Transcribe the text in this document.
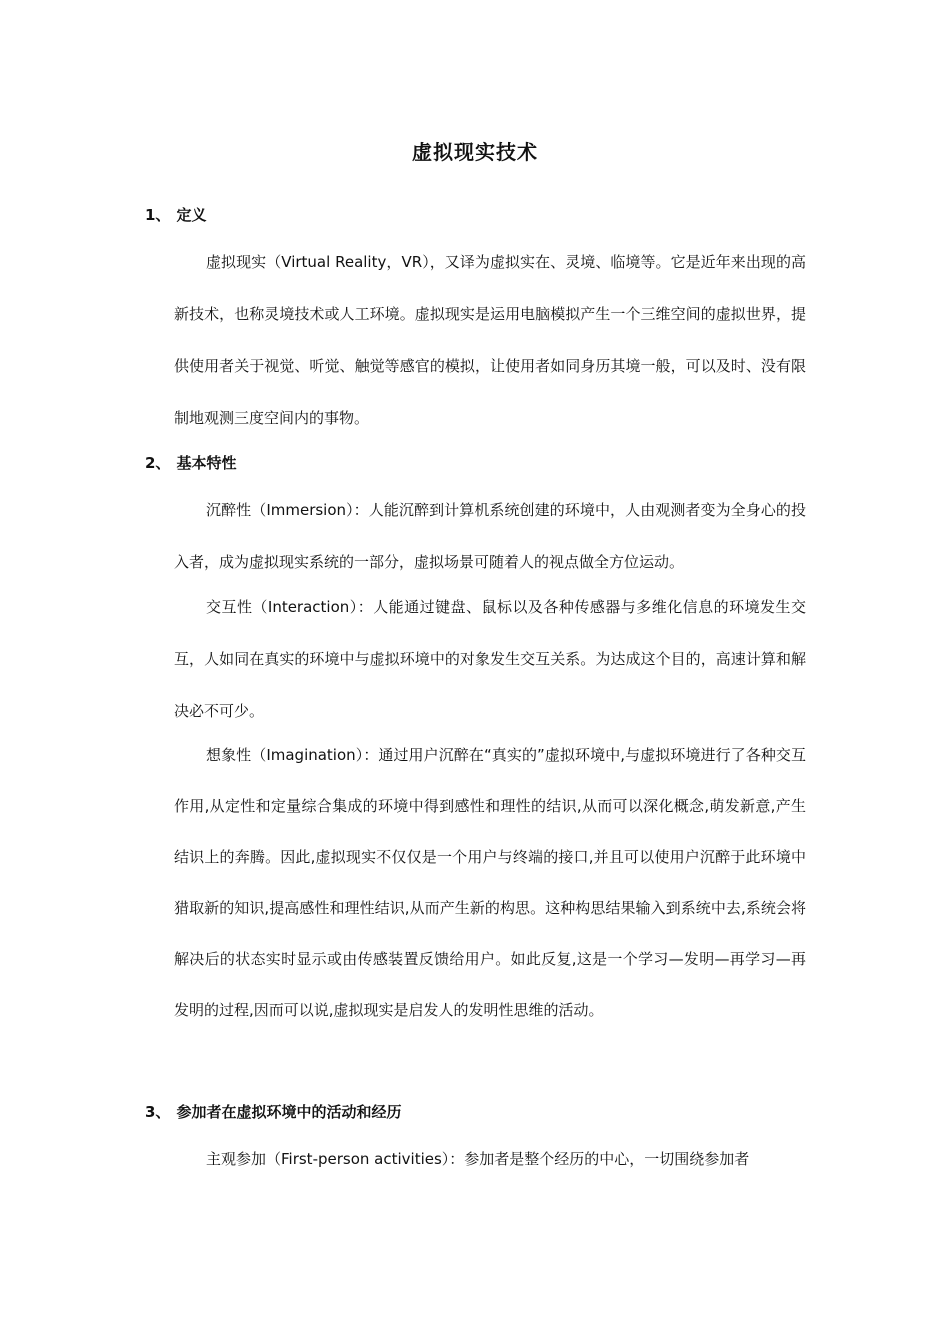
虚拟现实技术
1、 定义

虚拟现实（Virtual Reality，VR），又译为虚拟实在、灵境、临境等。它是近年来出现的高新技术，也称灵境技术或人工环境。虚拟现实是运用电脑模拟产生一个三维空间的虚拟世界，提供使用者关于视觉、听觉、触觉等感官的模拟，让使用者如同身历其境一般，可以及时、没有限制地观测三度空间内的事物。

2、 基本特性

沉醉性（Immersion）：人能沉醉到计算机系统创建的环境中，人由观测者变为全身心的投入者，成为虚拟现实系统的一部分，虚拟场景可随着人的视点做全方位运动。

交互性（Interaction）：人能通过键盘、鼠标以及各种传感器与多维化信息的环境发生交互，人如同在真实的环境中与虚拟环境中的对象发生交互关系。为达成这个目的，高速计算和解决必不可少。

想象性（Imagination）：通过用户沉醉在“真实的”虚拟环境中,与虚拟环境进行了各种交互作用,从定性和定量综合集成的环境中得到感性和理性的结识,从而可以深化概念,萌发新意,产生结识上的奔腾。因此,虚拟现实不仅仅是一个用户与终端的接口,并且可以使用户沉醉于此环境中猎取新的知识,提高感性和理性结识,从而产生新的构思。这种构思结果输入到系统中去,系统会将解决后的状态实时显示或由传感装置反馈给用户。如此反复,这是一个学习—发明—再学习—再发明的过程,因而可以说,虚拟现实是启发人的发明性思维的活动。

3、 参加者在虚拟环境中的活动和经历

主观参加（First-person activities）：参加者是整个经历的中心，一切围绕参加者
